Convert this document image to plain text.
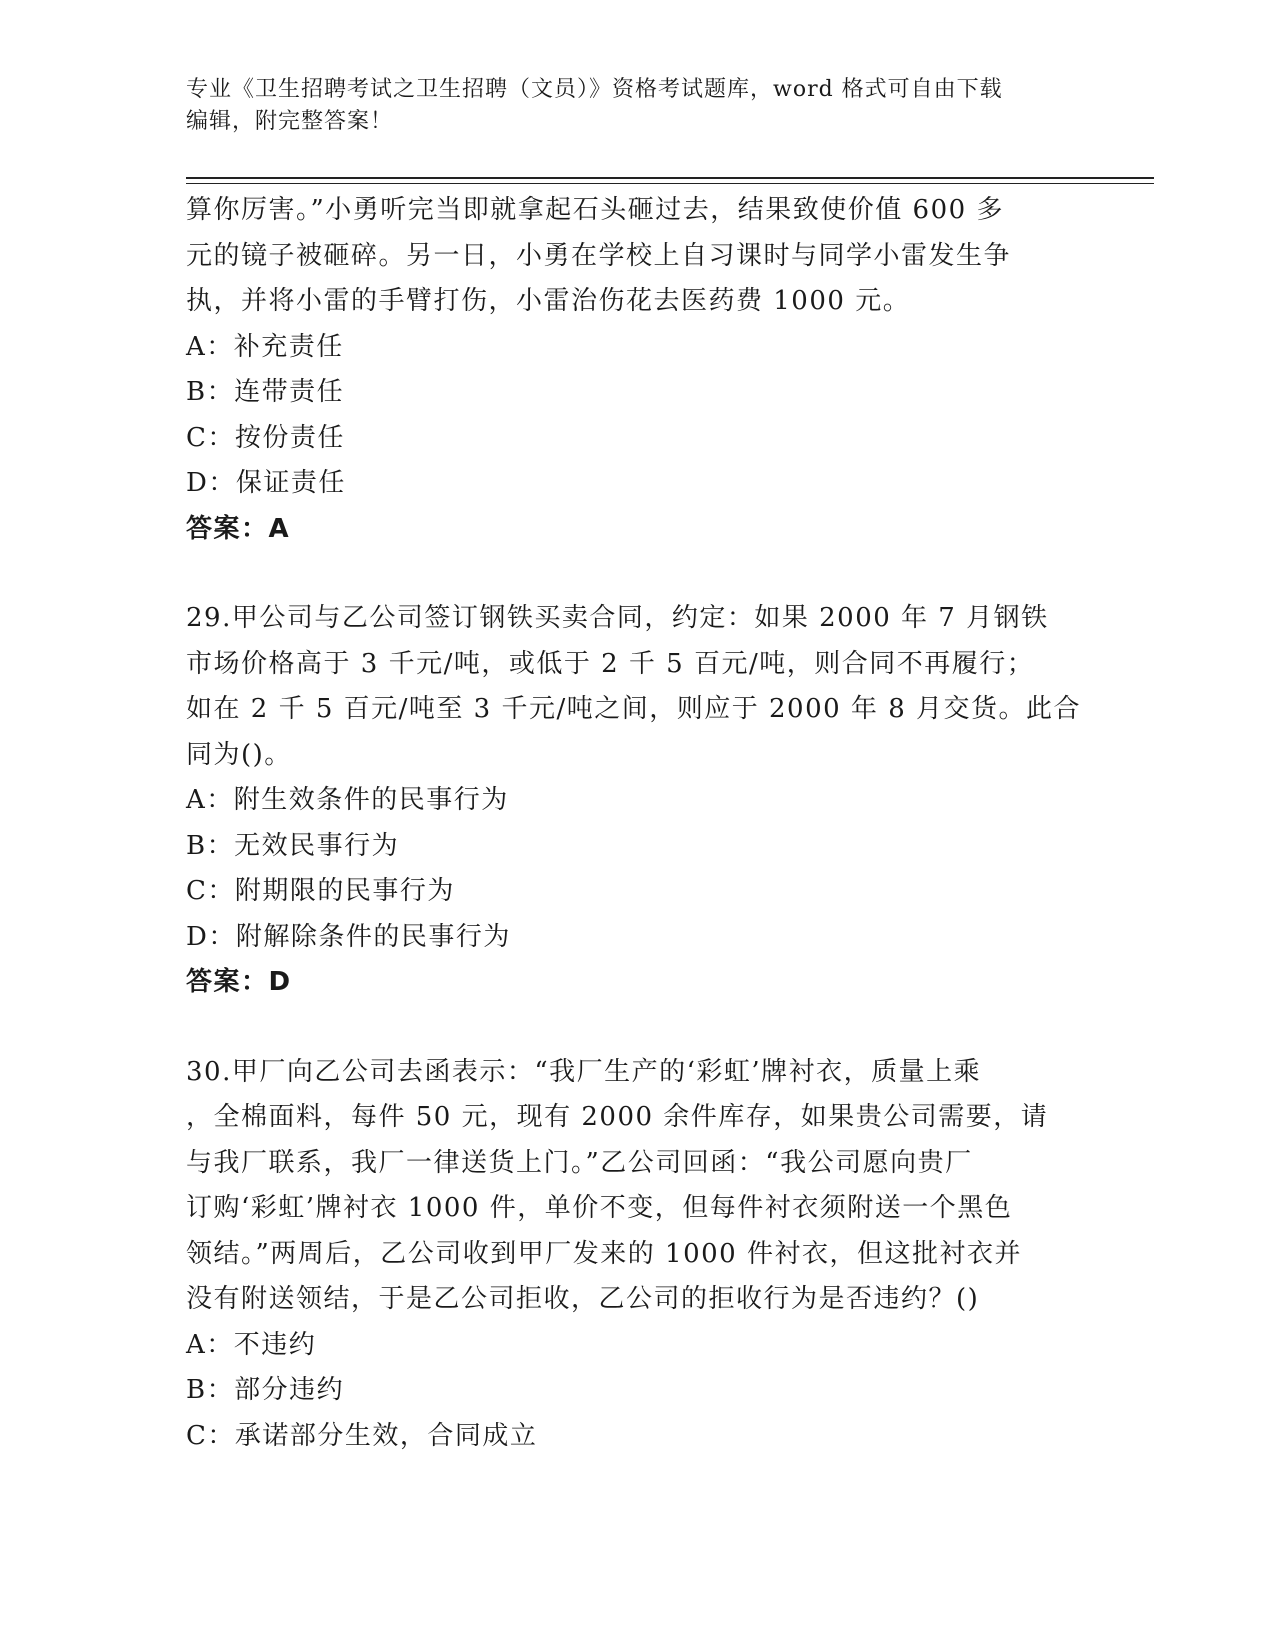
专业《卫生招聘考试之卫生招聘（文员）》资格考试题库，word 格式可自由下载
编辑，附完整答案！

算你厉害。”小勇听完当即就拿起石头砸过去，结果致使价值 600 多

元的镜子被砸碎。另一日，小勇在学校上自习课时与同学小雷发生争

执，并将小雷的手臂打伤，小雷治伤花去医药费 1000 元。

A：补充责任

B：连带责任

C：按份责任

D：保证责任

答案：A

29.甲公司与乙公司签订钢铁买卖合同，约定：如果 2000 年 7 月钢铁

市场价格高于 3 千元/吨，或低于 2 千 5 百元/吨，则合同不再履行；

如在 2 千 5 百元/吨至 3 千元/吨之间，则应于 2000 年 8 月交货。此合

同为()。

A：附生效条件的民事行为

B：无效民事行为

C：附期限的民事行为

D：附解除条件的民事行为

答案：D

30.甲厂向乙公司去函表示：“我厂生产的‘彩虹’牌衬衣，质量上乘

，全棉面料，每件 50 元，现有 2000 余件库存，如果贵公司需要，请

与我厂联系，我厂一律送货上门。”乙公司回函：“我公司愿向贵厂

订购‘彩虹’牌衬衣 1000 件，单价不变，但每件衬衣须附送一个黑色

领结。”两周后，乙公司收到甲厂发来的 1000 件衬衣，但这批衬衣并

没有附送领结，于是乙公司拒收，乙公司的拒收行为是否违约？()

A：不违约

B：部分违约

C：承诺部分生效，合同成立
